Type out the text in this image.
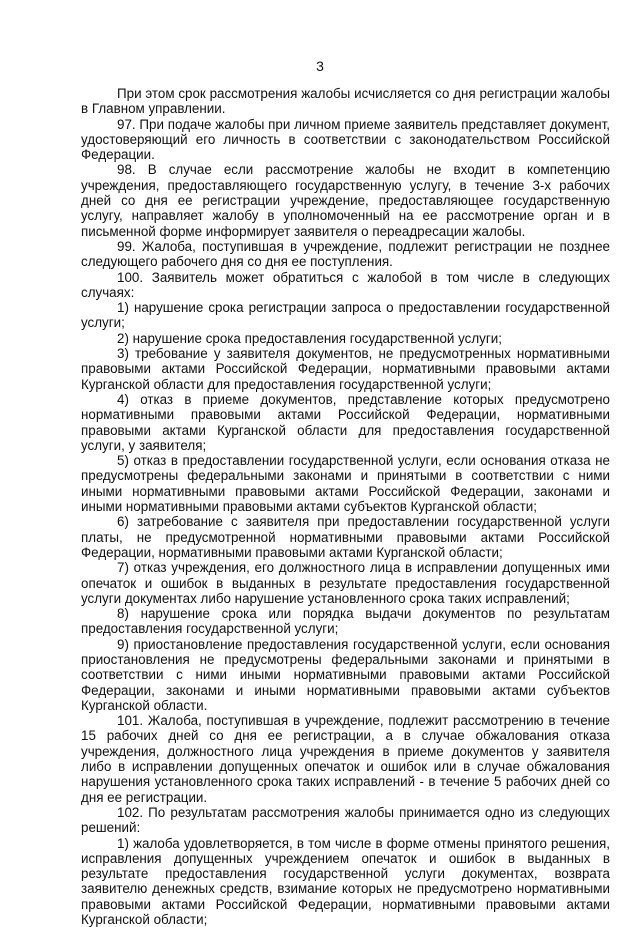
3

При этом срок рассмотрения жалобы исчисляется со дня регистрации жалобы в Главном управлении.

97. При подаче жалобы при личном приеме заявитель представляет документ, удостоверяющий его личность в соответствии с законодательством Российской Федерации.

98. В случае если рассмотрение жалобы не входит в компетенцию учреждения, предоставляющего государственную услугу, в течение 3-х рабочих дней со дня ее регистрации учреждение, предоставляющее государственную услугу, направляет жалобу в уполномоченный на ее рассмотрение орган и в письменной форме информирует заявителя о переадресации жалобы.

99. Жалоба, поступившая в учреждение, подлежит регистрации не позднее следующего рабочего дня со дня ее поступления.

100. Заявитель может обратиться с жалобой в том числе в следующих случаях:

1) нарушение срока регистрации запроса о предоставлении государственной услуги;

2) нарушение срока предоставления государственной услуги;

3) требование у заявителя документов, не предусмотренных нормативными правовыми актами Российской Федерации, нормативными правовыми актами Курганской области для предоставления государственной услуги;

4) отказ в приеме документов, представление которых предусмотрено нормативными правовыми актами Российской Федерации, нормативными правовыми актами Курганской области для предоставления государственной услуги, у заявителя;

5) отказ в предоставлении государственной услуги, если основания отказа не предусмотрены федеральными законами и принятыми в соответствии с ними иными нормативными правовыми актами Российской Федерации, законами и иными нормативными правовыми актами субъектов Курганской области;

6) затребование с заявителя при предоставлении государственной услуги платы, не предусмотренной нормативными правовыми актами Российской Федерации, нормативными правовыми актами Курганской области;

7) отказ учреждения, его должностного лица в исправлении допущенных ими опечаток и ошибок в выданных в результате предоставления государственной услуги документах либо нарушение установленного срока таких исправлений;

8) нарушение срока или порядка выдачи документов по результатам предоставления государственной услуги;

9) приостановление предоставления государственной услуги, если основания приостановления не предусмотрены федеральными законами и принятыми в соответствии с ними иными нормативными правовыми актами Российской Федерации, законами и иными нормативными правовыми актами субъектов Курганской области.

101. Жалоба, поступившая в учреждение, подлежит рассмотрению в течение 15 рабочих дней со дня ее регистрации, а в случае обжалования отказа учреждения, должностного лица учреждения в приеме документов у заявителя либо в исправлении допущенных опечаток и ошибок или в случае обжалования нарушения установленного срока таких исправлений - в течение 5 рабочих дней со дня ее регистрации.

102. По результатам рассмотрения жалобы принимается одно из следующих решений:

1) жалоба удовлетворяется, в том числе в форме отмены принятого решения, исправления допущенных учреждением опечаток и ошибок в выданных в результате предоставления государственной услуги документах, возврата заявителю денежных средств, взимание которых не предусмотрено нормативными правовыми актами Российской Федерации, нормативными правовыми актами Курганской области;
